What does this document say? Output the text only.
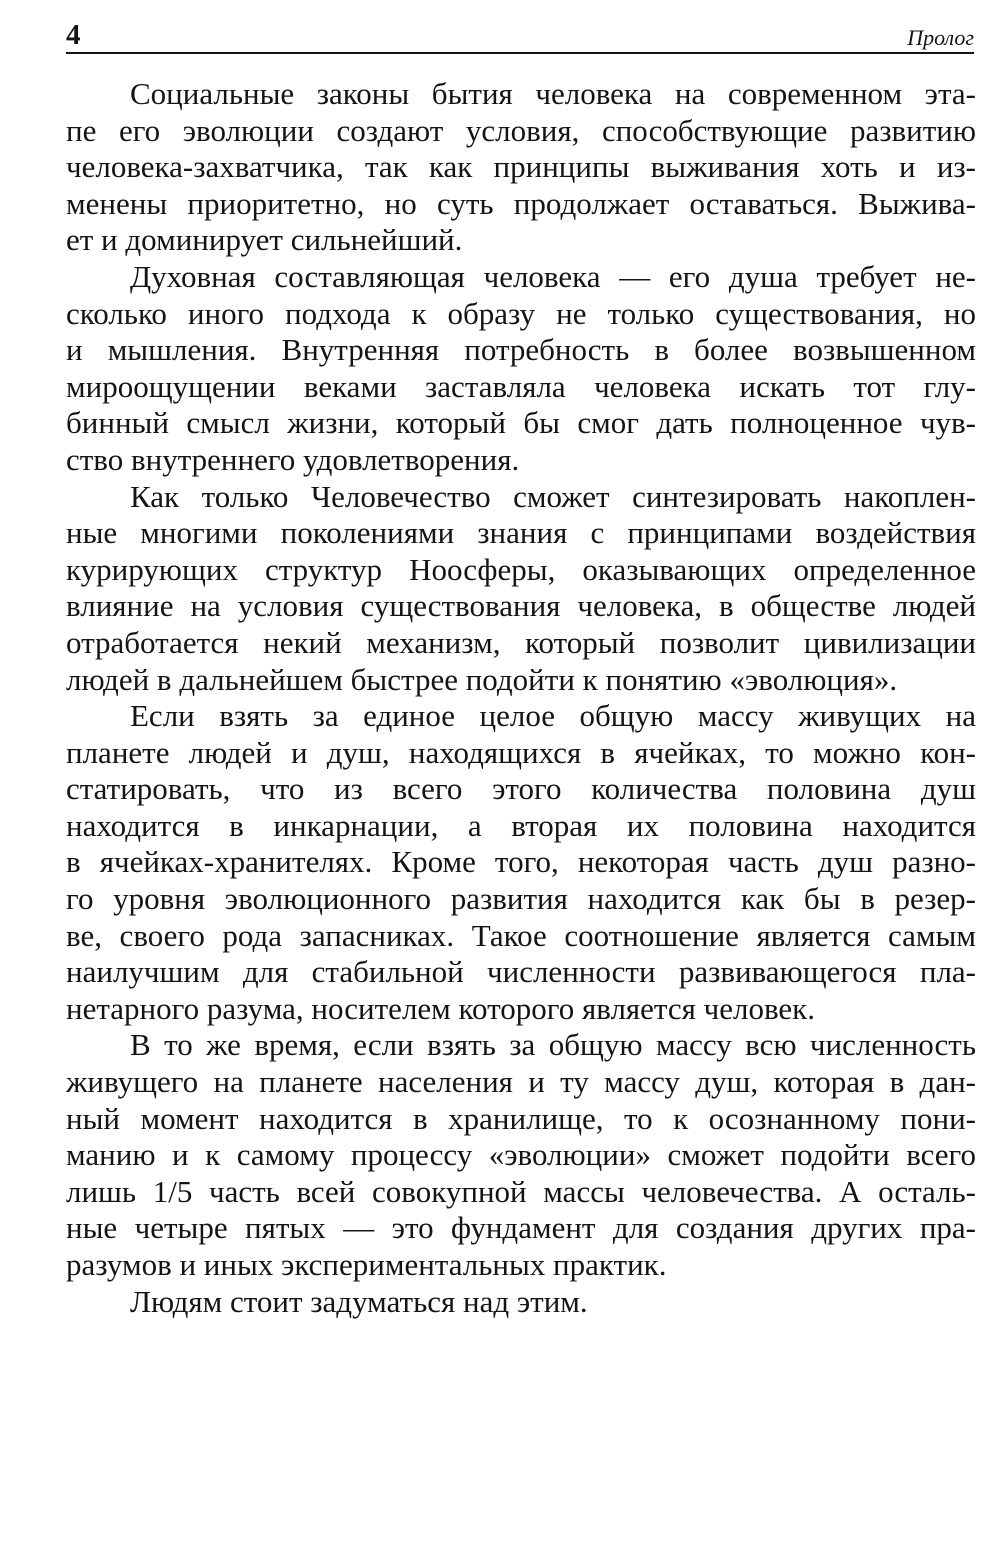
4	Пролог
Социальные законы бытия человека на современном эта-
пе его эволюции создают условия, способствующие развитию
человека-захватчика, так как принципы выживания хоть и из-
менены приоритетно, но суть продолжает оставаться. Выжива-
ет и доминирует сильнейший.
Духовная составляющая человека — его душа требует не-
сколько иного подхода к образу не только существования, но
и мышления. Внутренняя потребность в более возвышенном
мироощущении веками заставляла человека искать тот глу-
бинный смысл жизни, который бы смог дать полноценное чув-
ство внутреннего удовлетворения.
Как только Человечество сможет синтезировать накоплен-
ные многими поколениями знания с принципами воздействия
курирующих структур Ноосферы, оказывающих определенное
влияние на условия существования человека, в обществе людей
отработается некий механизм, который позволит цивилизации
людей в дальнейшем быстрее подойти к понятию «эволюция».
Если взять за единое целое общую массу живущих на
планете людей и душ, находящихся в ячейках, то можно кон-
статировать, что из всего этого количества половина душ
находится в инкарнации, а вторая их половина находится
в ячейках-хранителях. Кроме того, некоторая часть душ разно-
го уровня эволюционного развития находится как бы в резер-
ве, своего рода запасниках. Такое соотношение является самым
наилучшим для стабильной численности развивающегося пла-
нетарного разума, носителем которого является человек.
В то же время, если взять за общую массу всю численность
живущего на планете населения и ту массу душ, которая в дан-
ный момент находится в хранилище, то к осознанному пони-
манию и к самому процессу «эволюции» сможет подойти всего
лишь 1/5 часть всей совокупной массы человечества. А осталь-
ные четыре пятых — это фундамент для создания других пра-
разумов и иных экспериментальных практик.
Людям стоит задуматься над этим.
